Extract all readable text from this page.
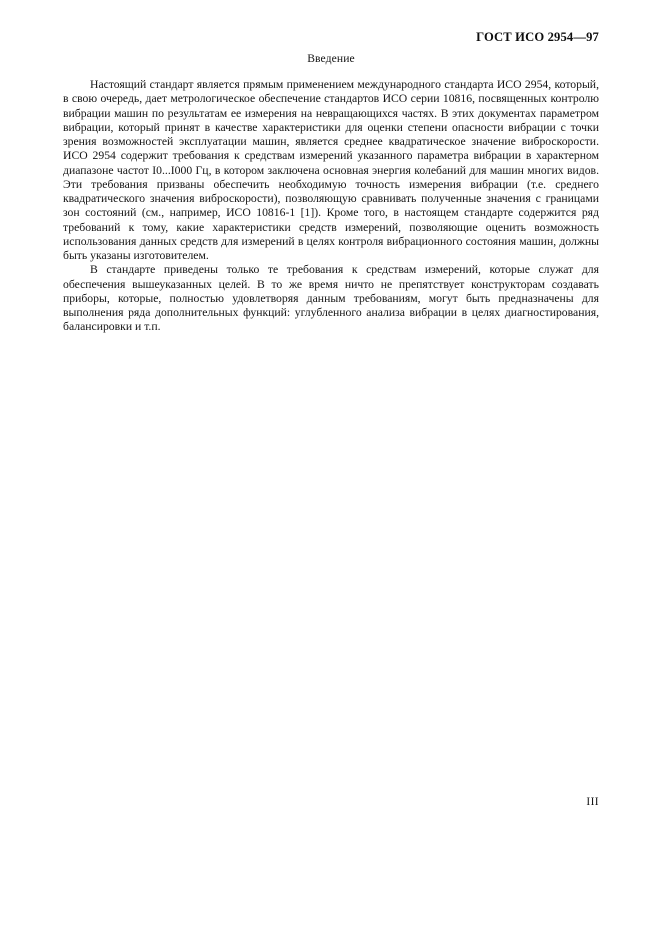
ГОСТ ИСО 2954—97
Введение

Настоящий стандарт является прямым применением международного стандарта ИСО 2954, который, в свою очередь, дает метрологическое обеспечение стандартов ИСО серии 10816, посвященных контролю вибрации машин по результатам ее измерения на невращающихся частях. В этих документах параметром вибрации, который принят в качестве характеристики для оценки степени опасности вибрации с точки зрения возможностей эксплуатации машин, является среднее квадратическое значение виброскорости. ИСО 2954 содержит требования к средствам измерений указанного параметра вибрации в характерном диапазоне частот I0...I000 Гц, в котором заключена основная энергия колебаний для машин многих видов. Эти требования призваны обеспечить необходимую точность измерения вибрации (т.е. среднего квадратического значения виброскорости), позволяющую сравнивать полученные значения с границами зон состояний (см., например, ИСО 10816-1 [1]). Кроме того, в настоящем стандарте содержится ряд требований к тому, какие характеристики средств измерений, позволяющие оценить возможность использования данных средств для измерений в целях контроля вибрационного состояния машин, должны быть указаны изготовителем.

В стандарте приведены только те требования к средствам измерений, которые служат для обеспечения вышеуказанных целей. В то же время ничто не препятствует конструкторам создавать приборы, которые, полностью удовлетворяя данным требованиям, могут быть предназначены для выполнения ряда дополнительных функций: углубленного анализа вибрации в целях диагностирования, балансировки и т.п.

III
